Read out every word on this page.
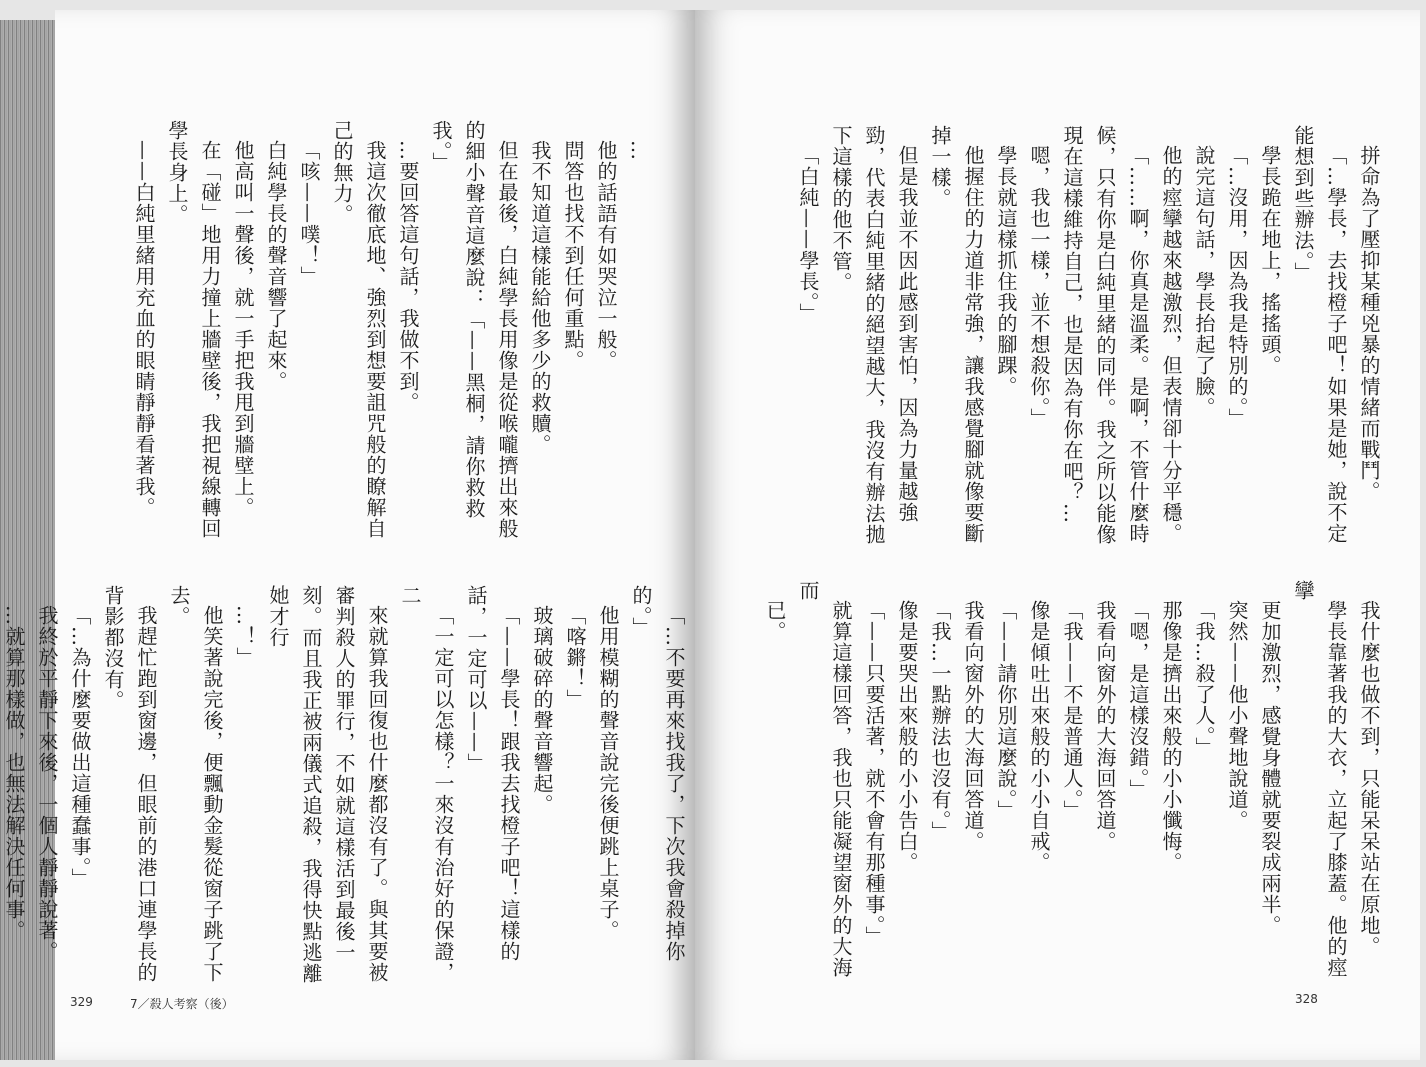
…

他的話語有如哭泣一般。

問答也找不到任何重點。

我不知道這樣能給他多少的救贖。

但在最後，白純學長用像是從喉嚨擠出來般的細小聲音這麼說：「——黑桐，請你救救我。」

…要回答這句話，我做不到。

我這次徹底地、強烈到想要詛咒般的瞭解自己的無力。

「咳——噗！」

白純學長的聲音響了起來。

他高叫一聲後，就一手把我甩到牆壁上。

在「碰」地用力撞上牆壁後，我把視線轉回學長身上。

——白純里緒用充血的眼睛靜靜看著我。

「…不要再來找我了，下次我會殺掉你的。」

他用模糊的聲音說完後便跳上桌子。

「喀鏘！」

玻璃破碎的聲音響起。

「——學長！跟我去找橙子吧！這樣的話，一定可以——」

「一定可以怎樣？一來沒有治好的保證，二

來就算我回復也什麼都沒有了。與其要被審判殺人的罪行，不如就這樣活到最後一刻。而且我正被兩儀式追殺，我得快點逃離她才行

…！」

他笑著說完後，便飄動金髮從窗子跳了下去。

我趕忙跑到窗邊，但眼前的港口連學長的背影都沒有。

「…為什麼要做出這種蠢事。」

我終於平靜下來後，一個人靜靜說著。

…就算那樣做，也無法解決任何事。

329	7／殺人考察（後）

拼命為了壓抑某種兇暴的情緒而戰鬥。

「…學長，去找橙子吧！如果是她，說不定能想到些辦法。」

學長跪在地上，搖搖頭。

「…沒用，因為我是特別的。」

說完這句話，學長抬起了臉。

他的痙攣越來越激烈，但表情卻十分平穩。

「……啊，你真是溫柔。是啊，不管什麼時候，只有你是白純里緒的同伴。我之所以能像現在這樣維持自己，也是因為有你在吧？…

嗯，我也一樣，並不想殺你。」

學長就這樣抓住我的腳踝。

他握住的力道非常強，讓我感覺腳就像要斷掉一樣。

但是我並不因此感到害怕，因為力量越強勁，代表白純里緒的絕望越大，我沒有辦法拋下這樣的他不管。

「白純——學長。」

我什麼也做不到，只能呆呆站在原地。

學長靠著我的大衣，立起了膝蓋。他的痙攣

更加激烈，感覺身體就要裂成兩半。

突然——他小聲地說道。

「我…殺了人。」

那像是擠出來般的小小懺悔。

「嗯，是這樣沒錯。」

我看向窗外的大海回答道。

「我——不是普通人。」

像是傾吐出來般的小小自戒。

「——請你別這麼說。」

我看向窗外的大海回答道。

「我…一點辦法也沒有。」

像是要哭出來般的小小告白。

「——只要活著，就不會有那種事。」

就算這樣回答，我也只能凝望窗外的大海而

已。

328
